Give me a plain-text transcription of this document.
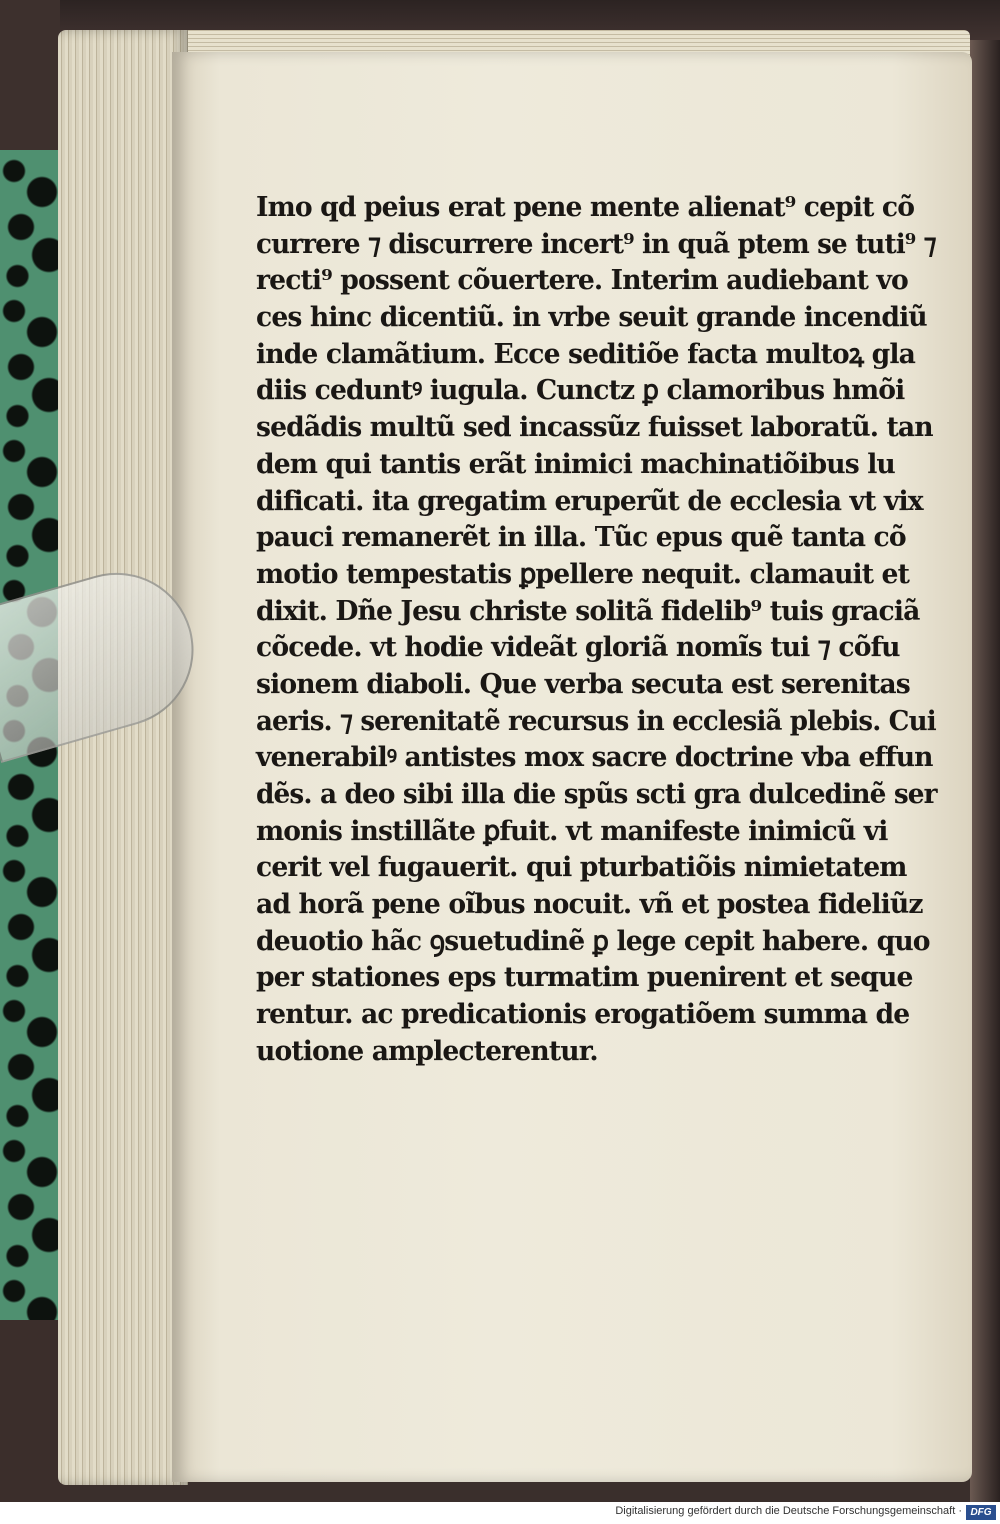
Imo qd peius erat pene mente alienat⁹ cepit cõ
currere ⁊ discurrere incert⁹ in quã ptem se tuti⁹ ⁊
recti⁹ possent cõuertere. Interim audiebant vo
ces hinc dicentiũ. in vrbe seuit grande incendiũ
inde clamãtium. Ecce seditiõe facta multoꝝ gla
diis ceduntꝰ iugula. Cunctz ꝑ clamoribus hmõi
sedãdis multũ sed incassũz fuisset laboratũ. tan
dem qui tantis erãt inimici machinatiõibus lu
dificati. ita gregatim eruperũt de ecclesia vt vix
pauci remanerẽt in illa. Tũc epus quẽ tanta cõ
motio tempestatis ꝑpellere nequit. clamauit et
dixit. Dñe Jesu christe solitã fidelib⁹ tuis graciã
cõcede. vt hodie videãt gloriã nomĩs tui ⁊ cõfu
sionem diaboli. Que verba secuta est serenitas
aeris. ⁊ serenitatẽ recursus in ecclesiã plebis. Cui
venerabilꝰ antistes mox sacre doctrine vba effun
dẽs. a deo sibi illa die spũs scti gra dulcedinẽ ser
monis instillãte ꝑfuit. vt manifeste inimicũ vi
cerit vel fugauerit. qui pturbatiõis nimietatem
ad horã pene oĩbus nocuit. vñ et postea fideliũz
deuotio hãc ꝯsuetudinẽ ꝑ lege cepit habere. quo
per stationes eps turmatim puenirent et seque
rentur. ac predicationis erogatiõem summa de
uotione amplecterentur.
Digitalisierung gefördert durch die Deutsche Forschungsgemeinschaft · DFG
